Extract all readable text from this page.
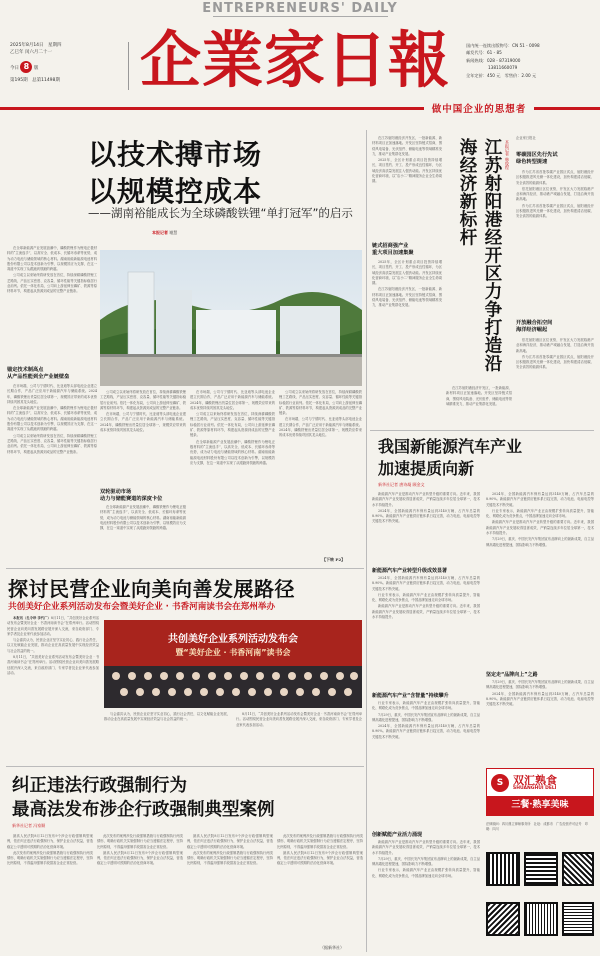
ENTREPRENEURS' DAILY
2025年8月14日　 星期四
乙巳年 闰六月二十一
今日 8 版
第195期　 总第11498期	企業家日報	国内统一连续出版物号：CN 51 - 0098
邮发代号：61 - 85
新闻热线：028 - 87319000
13811660079
全年定价：450 元　零售价：2.00 元
做中国企业的思想者
以技术搏市场
以规模控成本
——湖南裕能成长为全球磷酸铁锂“单打冠军”的启示
本报记者 谢慧

在全球新能源产业发展浪潮中，磷酸铁锂作为锂电正极材料的“主流选手”，以高安全、低成本、长循环寿命等优势，成为动力电池与储能领域的核心材料。湖南裕能新能源电池材料股份有限公司以技术创新为引擎，以规模效应为支撑，在这一赛道中实现了从跟跑到领跑的跨越。

公司成立以来始终将研发放在首位，持续深耕磷酸铁锂工艺路线，产品压实密度、克容量、循环性能等关键指标稳居行业前列。依托一体化布局，公司向上游延伸至磷矿、铁源等原材料环节，构建起从资源到成品的完整产业链条。

锚定技术制高点
从产品性能到全产业链壁垒

在市场端，公司与宁德时代、比亚迪等头部电池企业建立长期合作，产品广泛应用于新能源汽车与储能系统。2024年，磷酸铁锂出货量位居全球第一，规模效应带来的成本优势持续巩固其龙头地位。

在全球新能源产业发展浪潮中，磷酸铁锂作为锂电正极材料的“主流选手”，以高安全、低成本、长循环寿命等优势，成为动力电池与储能领域的核心材料。湖南裕能新能源电池材料股份有限公司以技术创新为引擎，以规模效应为支撑，在这一赛道中实现了从跟跑到领跑的跨越。

公司成立以来始终将研发放在首位，持续深耕磷酸铁锂工艺路线，产品压实密度、克容量、循环性能等关键指标稳居行业前列。依托一体化布局，公司向上游延伸至磷矿、铁源等原材料环节，构建起从资源到成品的完整产业链条。

公司成立以来始终将研发放在首位，持续深耕磷酸铁锂工艺路线，产品压实密度、克容量、循环性能等关键指标稳居行业前列。依托一体化布局，公司向上游延伸至磷矿、铁源等原材料环节，构建起从资源到成品的完整产业链条。

在市场端，公司与宁德时代、比亚迪等头部电池企业建立长期合作，产品广泛应用于新能源汽车与储能系统。2024年，磷酸铁锂出货量位居全球第一，规模效应带来的成本优势持续巩固其龙头地位。

双轮驱动市场
动力与储能赛道的深度卡位

在全球新能源产业发展浪潮中，磷酸铁锂作为锂电正极材料的“主流选手”，以高安全、低成本、长循环寿命等优势，成为动力电池与储能领域的核心材料。湖南裕能新能源电池材料股份有限公司以技术创新为引擎，以规模效应为支撑，在这一赛道中实现了从跟跑到领跑的跨越。

在市场端，公司与宁德时代、比亚迪等头部电池企业建立长期合作，产品广泛应用于新能源汽车与储能系统。2024年，磷酸铁锂出货量位居全球第一，规模效应带来的成本优势持续巩固其龙头地位。

公司成立以来始终将研发放在首位，持续深耕磷酸铁锂工艺路线，产品压实密度、克容量、循环性能等关键指标稳居行业前列。依托一体化布局，公司向上游延伸至磷矿、铁源等原材料环节，构建起从资源到成品的完整产业链条。

在全球新能源产业发展浪潮中，磷酸铁锂作为锂电正极材料的“主流选手”，以高安全、低成本、长循环寿命等优势，成为动力电池与储能领域的核心材料。湖南裕能新能源电池材料股份有限公司以技术创新为引擎，以规模效应为支撑，在这一赛道中实现了从跟跑到领跑的跨越。

公司成立以来始终将研发放在首位，持续深耕磷酸铁锂工艺路线，产品压实密度、克容量、循环性能等关键指标稳居行业前列。依托一体化布局，公司向上游延伸至磷矿、铁源等原材料环节，构建起从资源到成品的完整产业链条。

在市场端，公司与宁德时代、比亚迪等头部电池企业建立长期合作，产品广泛应用于新能源汽车与储能系统。2024年，磷酸铁锂出货量位居全球第一，规模效应带来的成本优势持续巩固其龙头地位。

【下转 P2】

在江苏射阳港经济开发区，一批新能源、新材料项目正加速落地。开发区坚持链式招商，围绕风电装备、光伏组件、储能电池等领域精准发力，推动产业集群化发展。

2025年，全区计划重点项目投资持续增长，项目签约、开工、投产形成良性循环，为区域经济高质量发展注入强劲动能。开发区持续优化营商环境，以“店小二”精神服务企业全生命周期。

链式招商强产业
重大项目加速集聚

2025年，全区计划重点项目投资持续增长，项目签约、开工、投产形成良性循环，为区域经济高质量发展注入强劲动能。开发区持续优化营商环境，以“店小二”精神服务企业全生命周期。

在江苏射阳港经济开发区，一批新能源、新材料项目正加速落地。开发区坚持链式招商，围绕风电装备、光伏组件、储能电池等领域精准发力，推动产业集群化发展。	江苏射阳港经开区力争打造沿海经济新标杆	本报记者 韩俊程

在江苏射阳港经济开发区，一批新能源、新材料项目正加速落地。开发区坚持链式招商，围绕风电装备、光伏组件、储能电池等领域精准发力，推动产业集群化发展。

企业家日报社
零碳园区先行先试
绿色转型提速

作为江苏省首批零碳产业园区试点，射阳港经开区积极推进风光储一体化建设，加快构建清洁低碳、安全高效的能源体系。

依托射阳港区区位优势，开发区大力发展临港产业和海洋经济，推动港产城融合发展，打造沿海开放新高地。

作为江苏省首批零碳产业园区试点，射阳港经开区积极推进风光储一体化建设，加快构建清洁低碳、安全高效的能源体系。

开放融合拓空间
海洋经济崛起

依托射阳港区区位优势，开发区大力发展临港产业和海洋经济，推动港产城融合发展，打造沿海开放新高地。

作为江苏省首批零碳产业园区试点，射阳港经开区积极推进风光储一体化建设，加快构建清洁低碳、安全高效的能源体系。

我国新能源汽车产业
加速提质向新
新华社记者 唐诗凝 顾金文

新能源汽车产业是推动汽车产业转型升级的重要方向。近年来，我国新能源汽车产业发展取得显著成效，产销量连续多年位居全球第一，技术水平持续提升。

2024年，全国新能源汽车保有量达到3140万辆，占汽车总量的8.90%。新能源汽车产业链供应链体系日趋完善，动力电池、电驱电控等关键技术不断突破。

新能源汽车产业转型升级成效显著

2024年，全国新能源汽车保有量达到3140万辆，占汽车总量的8.90%。新能源汽车产业链供应链体系日趋完善，动力电池、电驱电控等关键技术不断突破。

行业专家表示，新能源汽车产业正由规模扩张转向质量提升，智能化、网联化成为竞争焦点，中国品牌加速走向全球市场。

新能源汽车产业是推动汽车产业转型升级的重要方向。近年来，我国新能源汽车产业发展取得显著成效，产销量连续多年位居全球第一，技术水平持续提升。

新能源汽车产业“含智量”持续攀升

行业专家表示，新能源汽车产业正由规模扩张转向质量提升，智能化、网联化成为竞争焦点，中国品牌加速走向全球市场。

7月29日，重庆、中国长安汽车集团宣布品牌向上的最新成果，自主品牌高端化进程提速，国际影响力不断增强。

2024年，全国新能源汽车保有量达到3140万辆，占汽车总量的8.90%。新能源汽车产业链供应链体系日趋完善，动力电池、电驱电控等关键技术不断突破。

创新赋能产业活力涌现

新能源汽车产业是推动汽车产业转型升级的重要方向。近年来，我国新能源汽车产业发展取得显著成效，产销量连续多年位居全球第一，技术水平持续提升。

7月29日，重庆、中国长安汽车集团宣布品牌向上的最新成果，自主品牌高端化进程提速，国际影响力不断增强。

行业专家表示，新能源汽车产业正由规模扩张转向质量提升，智能化、网联化成为竞争焦点，中国品牌加速走向全球市场。

2024年，全国新能源汽车保有量达到3140万辆，占汽车总量的8.90%。新能源汽车产业链供应链体系日趋完善，动力电池、电驱电控等关键技术不断突破。

行业专家表示，新能源汽车产业正由规模扩张转向质量提升，智能化、网联化成为竞争焦点，中国品牌加速走向全球市场。

新能源汽车产业是推动汽车产业转型升级的重要方向。近年来，我国新能源汽车产业发展取得显著成效，产销量连续多年位居全球第一，技术水平持续提升。

7月29日，重庆、中国长安汽车集团宣布品牌向上的最新成果，自主品牌高端化进程提速，国际影响力不断增强。

坚定走“品牌向上”之路

7月29日，重庆、中国长安汽车集团宣布品牌向上的最新成果，自主品牌高端化进程提速，国际影响力不断增强。

2024年，全国新能源汽车保有量达到3140万辆，占汽车总量的8.90%。新能源汽车产业链供应链体系日趋完善，动力电池、电驱电控等关键技术不断突破。

S 双汇熟食
SHUANGHUI DELI
三餐·熟享美味
法律顾问：四川鼎立律师事务所　社址：成都市　广告经营许可证号　印刷：四川
探讨民营企业向美向善发展路径
共创美好企业系列活动发布会暨美好企业 · 书香河南读书会在郑州举办

本报讯（孔令珍 李代广）8月11日，“共创美好企业系列活动发布会暨美好企业 · 书香河南读书会”在郑州举行。活动围绕民营企业向美向善发展路径展开深入交流，来自政府部门、专家学者及企业家代表参加活动。

与会嘉宾认为，民营企业应坚守实业初心，践行社会责任，以文化赋能企业发展，推动企业在高质量发展中实现经济效益与社会效益的统一。

8月11日，“共创美好企业系列活动发布会暨美好企业 · 书香河南读书会”在郑州举行。活动围绕民营企业向美向善发展路径展开深入交流，来自政府部门、专家学者及企业家代表参加活动。

共创美好企业系列活动发布会
暨“美好企业 · 书香河南”读书会

与会嘉宾认为，民营企业应坚守实业初心，践行社会责任，以文化赋能企业发展，推动企业在高质量发展中实现经济效益与社会效益的统一。

8月11日，“共创美好企业系列活动发布会暨美好企业 · 书香河南读书会”在郑州举行。活动围绕民营企业向美向善发展路径展开深入交流，来自政府部门、专家学者及企业家代表参加活动。

纠正违法行政强制行为
最高法发布涉企行政强制典型案例
新华社记者 冯家顺

最高人民法院8月12日发布9个涉企行政强制典型案例，依法纠正违法行政强制行为，保护企业合法权益，营造稳定公平透明可预期的法治化营商环境。

此次发布的案例涉及行政强制措施与行政强制执行两类情形，明确行政机关实施强制行为应当遵循法定程序，坚持比例原则，不得滥用强制手段损害企业正常经营。

此次发布的案例涉及行政强制措施与行政强制执行两类情形，明确行政机关实施强制行为应当遵循法定程序，坚持比例原则，不得滥用强制手段损害企业正常经营。

最高人民法院8月12日发布9个涉企行政强制典型案例，依法纠正违法行政强制行为，保护企业合法权益，营造稳定公平透明可预期的法治化营商环境。

最高人民法院8月12日发布9个涉企行政强制典型案例，依法纠正违法行政强制行为，保护企业合法权益，营造稳定公平透明可预期的法治化营商环境。

此次发布的案例涉及行政强制措施与行政强制执行两类情形，明确行政机关实施强制行为应当遵循法定程序，坚持比例原则，不得滥用强制手段损害企业正常经营。

此次发布的案例涉及行政强制措施与行政强制执行两类情形，明确行政机关实施强制行为应当遵循法定程序，坚持比例原则，不得滥用强制手段损害企业正常经营。

最高人民法院8月12日发布9个涉企行政强制典型案例，依法纠正违法行政强制行为，保护企业合法权益，营造稳定公平透明可预期的法治化营商环境。

（据新华社）
